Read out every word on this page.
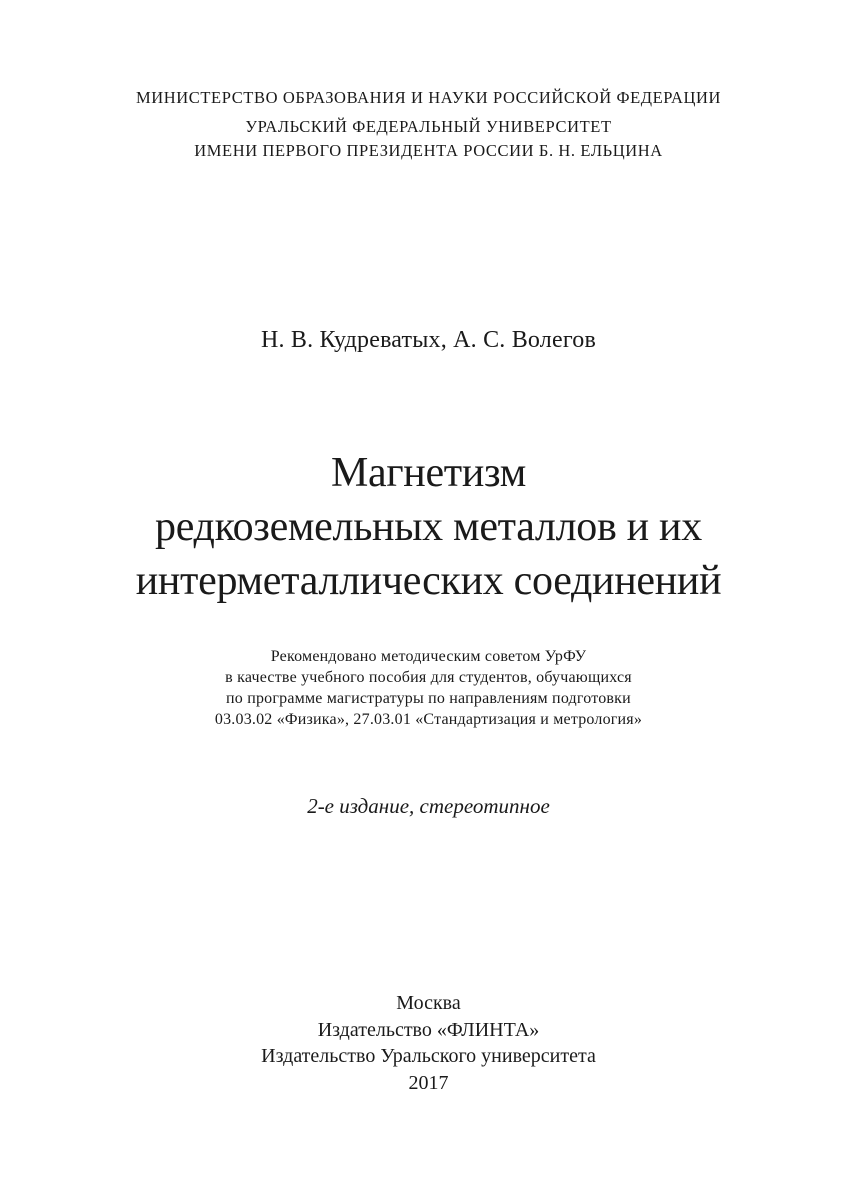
МИНИСТЕРСТВО ОБРАЗОВАНИЯ И НАУКИ РОССИЙСКОЙ ФЕДЕРАЦИИ
УРАЛЬСКИЙ ФЕДЕРАЛЬНЫЙ УНИВЕРСИТЕТ
ИМЕНИ ПЕРВОГО ПРЕЗИДЕНТА РОССИИ Б. Н. ЕЛЬЦИНА
Н. В. Кудреватых, А. С. Волегов
Магнетизм
редкоземельных металлов и их
интерметаллических соединений
Рекомендовано методическим советом УрФУ
в качестве учебного пособия для студентов, обучающихся
по программе магистратуры по направлениям подготовки
03.03.02 «Физика», 27.03.01 «Стандартизация и метрология»
2-е издание, стереотипное
Москва
Издательство «ФЛИНТА»
Издательство Уральского университета
2017
